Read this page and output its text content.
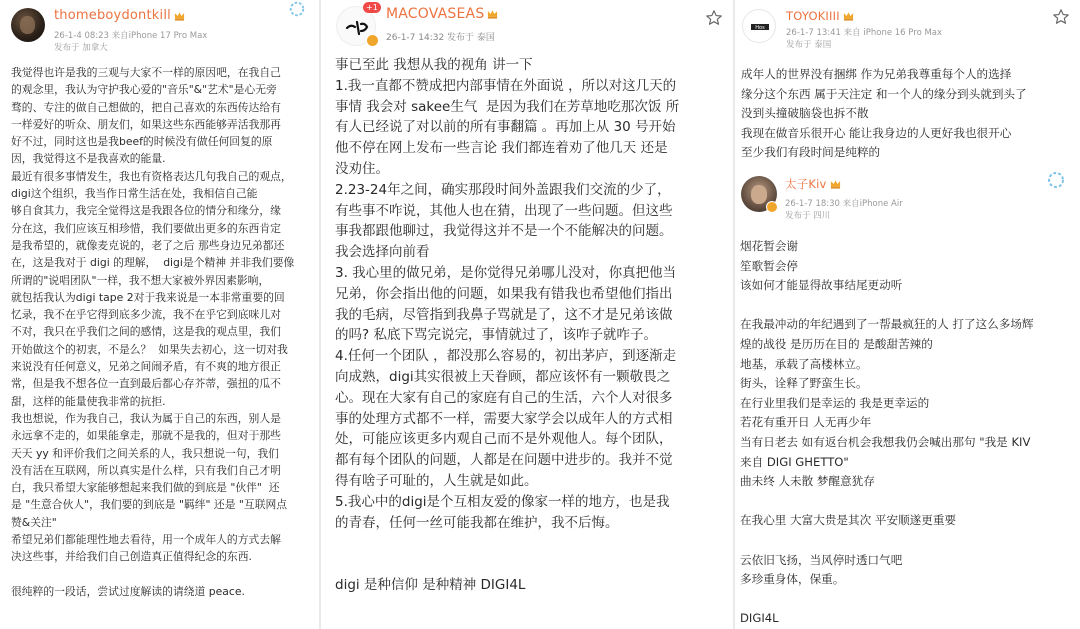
thomeboydontkill
26-1-4 08:23 来自iPhone 17 Pro Max
发布于 加拿大
我觉得也许是我的三观与大家不一样的原因吧，在我自己
的观念里，我认为守护我心爱的"音乐"&"艺术"是心无旁
骛的、专注的做自己想做的，把自己喜欢的东西传达给有
一样爱好的听众、朋友们，如果这些东西能够弄活我那再
好不过，同时这也是我beef的时候没有做任何回复的原
因，我觉得这不是我喜欢的能量.
最近有很多事情发生，我也有资格表达几句我自己的观点，
digi这个组织，我当作日常生活在处，我相信自己能
够自食其力，我完全觉得这是我跟各位的情分和缘分，缘
分在这，我们应该互相珍惜，我们要做出更多的东西肯定
是我希望的，就像麦克说的，老了之后 那些身边兄弟都还
在，这是我对于 digi 的理解，  digi是个精神 并非我们要像
所谓的"说唱团队"一样，我不想大家被外界因素影响，
就包括我认为digi tape 2对于我来说是一本非常重要的回
忆录，我不在乎它得到底多少流，我不在乎它到底咪儿对
不对，我只在乎我们之间的感情，这是我的观点里，我们
开始做这个的初衷，不是么？  如果失去初心，这一切对我
来说没有任何意义，兄弟之间闹矛盾，有不爽的地方很正
常，但是我不想各位一直到最后都心存芥蒂，强扭的瓜不
甜，这样的能量使我非常的抗拒.
我也想说，作为我自己，我认为属于自己的东西，别人是
永远拿不走的，如果能拿走，那就不是我的，但对于那些
天天 yy 和评价我们之间关系的人，我只想说一句，我们
没有活在互联网，所以真实是什么样，只有我们自己才明
白，我只希望大家能够想起来我们做的到底是 "伙伴"  还
是 "生意合伙人"，我们要的到底是 "羁绊" 还是 "互联网点
赞&关注"
希望兄弟们都能理性地去看待，用一个成年人的方式去解
决这些事，并给我们自己创造真正值得纪念的东西.

很纯粹的一段话，尝试过度解读的请绕道 peace.
MACOVASEAS
26-1-7 14:32 发布于 泰国
+1
事已至此 我想从我的视角 讲一下
1.我一直都不赞成把内部事情在外面说 ，所以对这几天的
事情 我会对 sakee生气  是因为我们在芳草地吃那次饭 所
有人已经说了对以前的所有事翻篇 。再加上从 30 号开始
他不停在网上发布一些言论 我们都连着劝了他几天 还是
没劝住。
2.23-24年之间，确实那段时间外盖跟我们交流的少了，
有些事不咋说，其他人也在猜，出现了一些问题。但这些
事我都跟他聊过，我觉得这并不是一个不能解决的问题。
我会选择向前看
3. 我心里的做兄弟，是你觉得兄弟哪儿没对，你真把他当
兄弟，你会指出他的问题，如果我有错我也希望他们指出
我的毛病，尽管指到我鼻子骂就是了，这不才是兄弟该做
的吗? 私底下骂完说完，事情就过了，该咋子就咋子。
4.任何一个团队 ，都没那么容易的，初出茅庐，到逐渐走
向成熟，digi其实很被上天眷顾，都应该怀有一颗敬畏之
心。现在大家有自己的家庭有自己的生活，六个人对很多
事的处理方式都不一样，需要大家学会以成年人的方式相
处，可能应该更多内观自己而不是外观他人。每个团队，
都有每个团队的问题，人都是在问题中进步的。我并不觉
得有啥子可耻的，人生就是如此。
5.我心中的digi是个互相友爱的像家一样的地方，也是我
的青春，任何一丝可能我都在维护，我不后悔。

digi 是种信仰 是种精神 DIGI4L
Hos
TOYOKIIII
26-1-7 13:41 来自 iPhone 16 Pro Max
发布于 泰国
成年人的世界没有捆绑 作为兄弟我尊重每个人的选择
缘分这个东西 属于天注定 和一个人的缘分到头就到头了
没到头撞破脑袋也拆不散
我现在做音乐很开心 能让我身边的人更好我也很开心
至少我们有段时间是纯粹的
太子Kiv
26-1-7 18:30 来自iPhone Air
发布于 四川
烟花暂会谢
笙歌暂会停
该如何才能显得故事结尾更动听

在我最冲动的年纪遇到了一帮最疯狂的人 打了这么多场辉
煌的战役 是历历在目的 是酸甜苦辣的
地基，承载了高楼林立。
街头，诠释了野蛮生长。
在行业里我们是幸运的 我是更幸运的
若花有重开日 人无再少年
当有日老去 如有返台机会我想我仍会喊出那句 "我是 KIV
来自 DIGI GHETTO"
曲未终 人未散 梦醒意犹存

在我心里 大富大贵是其次 平安顺遂更重要

云依旧飞扬，当风停时透口气吧
多珍重身体，保重。

DIGI4L
